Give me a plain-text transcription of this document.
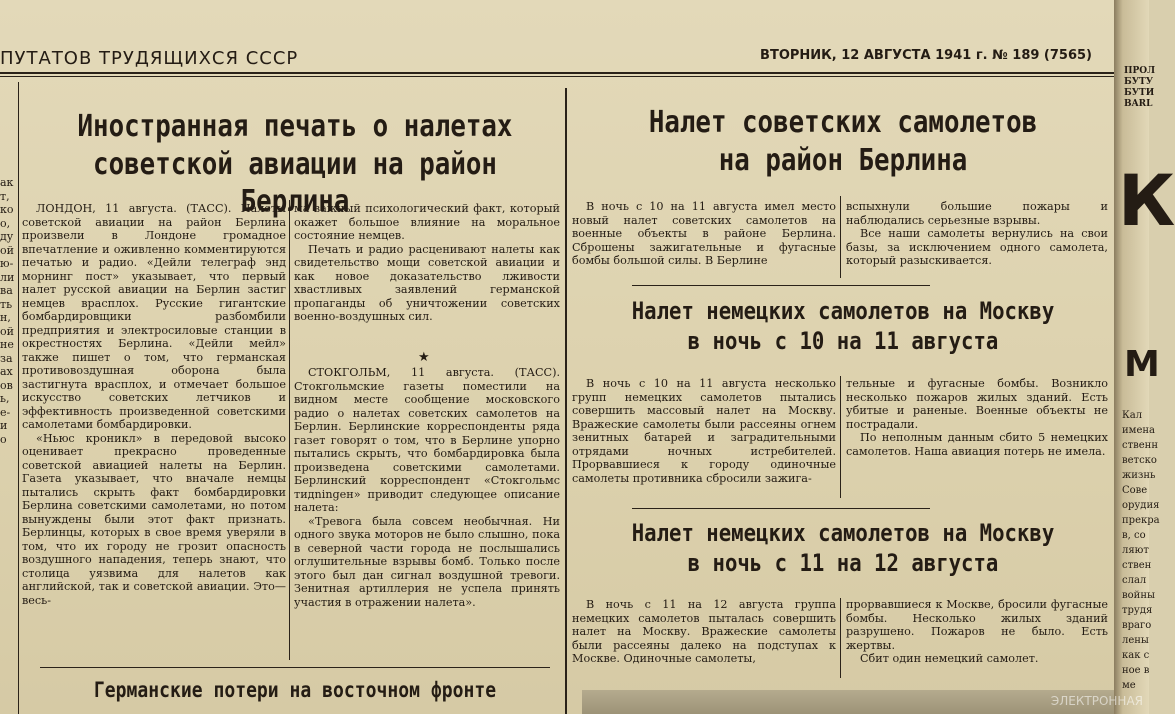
ПУТАТОВ ТРУДЯЩИХСЯ СССР	ВТОРНИК, 12 АВГУСТА 1941 г. № 189 (7565)
ак
т,
ко
о,
ду
ой
ю-
ли
ва
ть
н,
ой
не
за
ах
ов
ь,
е-
и
о
Иностранная печать о налетах
советской авиации на район Берлина

ЛОНДОН, 11 августа. (ТАСС). Налеты советской авиации на район Берлина произвели в Лондоне громадное впечатление и оживленно комментируются печатью и радио. «Дейли телеграф энд морнинг пост» указывает, что первый налет русской авиации на Берлин застиг немцев врасплох. Русские гигантские бомбардировщики разбомбили предприятия и электросиловые станции в окрестностях Берлина. «Дейли мейл» также пишет о том, что германская противовоздушная оборона была застигнута врасплох, и отмечает большое искусство советских летчиков и эффективность произведенной советскими самолетами бомбардировки.

«Ньюс кроникл» в передовой высоко оценивает прекрасно проведенные советской авиацией налеты на Берлин. Газета указывает, что вначале немцы пытались скрыть факт бомбардировки Берлина советскими самолетами, но потом вынуждены были этот факт признать. Берлинцы, которых в свое время уверяли в том, что их городу не грозит опасность воздушного нападения, теперь знают, что столица уязвима для налетов как английской, так и советской авиации. Это—весь-

ма важный психологический факт, который окажет большое влияние на моральное состояние немцев.

Печать и радио расценивают налеты как свидетельство мощи советской авиации и как новое доказательство лживости хвастливых заявлений германской пропаганды об уничтожении советских военно-воздушных сил.

★

СТОКГОЛЬМ, 11 августа. (ТАСС). Стокгольмские газеты поместили на видном месте сообщение московского радио о налетах советских самолетов на Берлин. Берлинские корреспонденты ряда газет говорят о том, что в Берлине упорно пытались скрыть, что бомбардировка была произведена советскими самолетами. Берлинский корреспондент «Стокгольмс тидningен» приводит следующее описание налета:

«Тревога была совсем необычная. Ни одного звука моторов не было слышно, пока в северной части города не послышались оглушительные взрывы бомб. Только после этого был дан сигнал воздушной тревоги. Зенитная артиллерия не успела принять участия в отражении налета».

Германские потери на восточном фронте
Налет советских самолетов
на район Берлина

В ночь с 10 на 11 августа имел место новый налет советских самолетов на военные объекты в районе Берлина. Сброшены зажигательные и фугасные бомбы большой силы. В Берлине

вспыхнули большие пожары и наблюдались серьезные взрывы.

Все наши самолеты вернулись на свои базы, за исключением одного самолета, который разыскивается.

Налет немецких самолетов на Москву
в ночь с 10 на 11 августа

В ночь с 10 на 11 августа несколько групп немецких самолетов пытались совершить массовый налет на Москву. Вражеские самолеты были рассеяны огнем зенитных батарей и заградительными отрядами ночных истребителей. Прорвавшиеся к городу одиночные самолеты противника сбросили зажига-

тельные и фугасные бомбы. Возникло несколько пожаров жилых зданий. Есть убитые и раненые. Военные объекты не пострадали.

По неполным данным сбито 5 немецких самолетов. Наша авиация потерь не имела.

Налет немецких самолетов на Москву
в ночь с 11 на 12 августа

В ночь с 11 на 12 августа группа немецких самолетов пыталась совершить налет на Москву. Вражеские самолеты были рассеяны далеко на подступах к Москве. Одиночные самолеты,

прорвавшиеся к Москве, бросили фугасные бомбы. Несколько жилых зданий разрушено. Пожаров не было. Есть жертвы.

Сбит один немецкий самолет.

ПРОЛ
БУТУ
БУТИ
BARL
К
М
Кал
имена
ственн
ветско
жизнь
Сове
орудия
прекра
в, со
ляют
ствен
слал
войны
трудя
враго
лены
как с
ное в
ме
ЭЛЕКТРОННАЯ
